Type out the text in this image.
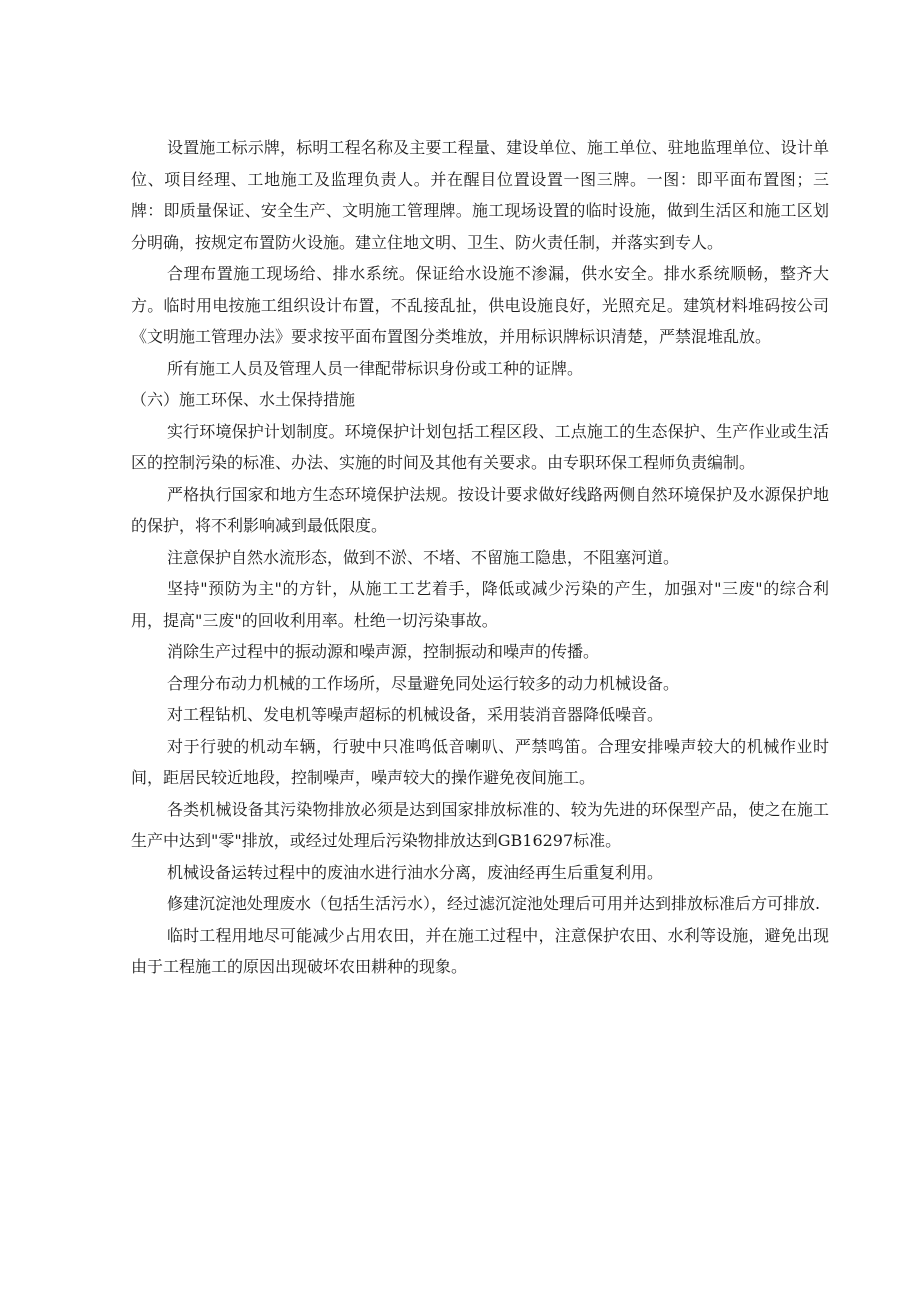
设置施工标示牌，标明工程名称及主要工程量、建设单位、施工单位、驻地监理单位、设计单位、项目经理、工地施工及监理负责人。并在醒目位置设置一图三牌。一图：即平面布置图；三牌：即质量保证、安全生产、文明施工管理牌。施工现场设置的临时设施，做到生活区和施工区划分明确，按规定布置防火设施。建立住地文明、卫生、防火责任制，并落实到专人。

合理布置施工现场给、排水系统。保证给水设施不渗漏，供水安全。排水系统顺畅，整齐大方。临时用电按施工组织设计布置，不乱接乱扯，供电设施良好，光照充足。建筑材料堆码按公司《文明施工管理办法》要求按平面布置图分类堆放，并用标识牌标识清楚，严禁混堆乱放。

所有施工人员及管理人员一律配带标识身份或工种的证牌。

（六）施工环保、水土保持措施

实行环境保护计划制度。环境保护计划包括工程区段、工点施工的生态保护、生产作业或生活区的控制污染的标准、办法、实施的时间及其他有关要求。由专职环保工程师负责编制。

严格执行国家和地方生态环境保护法规。按设计要求做好线路两侧自然环境保护及水源保护地的保护，将不利影响减到最低限度。

注意保护自然水流形态，做到不淤、不堵、不留施工隐患，不阻塞河道。

坚持"预防为主"的方针，从施工工艺着手，降低或减少污染的产生，加强对"三废"的综合利用，提高"三废"的回收利用率。杜绝一切污染事故。

消除生产过程中的振动源和噪声源，控制振动和噪声的传播。

合理分布动力机械的工作场所，尽量避免同处运行较多的动力机械设备。

对工程钻机、发电机等噪声超标的机械设备，采用装消音器降低噪音。

对于行驶的机动车辆，行驶中只准鸣低音喇叭、严禁鸣笛。合理安排噪声较大的机械作业时间，距居民较近地段，控制噪声，噪声较大的操作避免夜间施工。

各类机械设备其污染物排放必须是达到国家排放标准的、较为先进的环保型产品，使之在施工生产中达到"零"排放，或经过处理后污染物排放达到GB16297标准。

机械设备运转过程中的废油水进行油水分离，废油经再生后重复利用。

修建沉淀池处理废水（包括生活污水），经过滤沉淀池处理后可用并达到排放标准后方可排放.

临时工程用地尽可能减少占用农田，并在施工过程中，注意保护农田、水利等设施，避免出现由于工程施工的原因出现破坏农田耕种的现象。
